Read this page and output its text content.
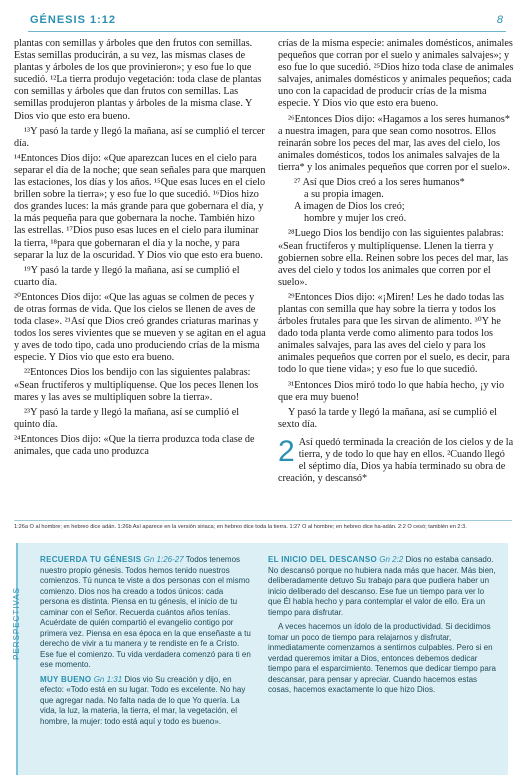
GÉNESIS 1:12	8

plantas con semillas y árboles que den frutos con semillas. Estas semillas producirán, a su vez, las mismas clases de plantas y árboles de los que provinieron»; y eso fue lo que sucedió. ¹²La tierra produjo vegetación: toda clase de plantas con semillas y árboles que dan frutos con semillas. Las semillas produjeron plantas y árboles de la misma clase. Y Dios vio que esto era bueno.

¹³Y pasó la tarde y llegó la mañana, así se cumplió el tercer día.

¹⁴Entonces Dios dijo: «Que aparezcan luces en el cielo para separar el día de la noche; que sean señales para que marquen las estaciones, los días y los años. ¹⁵Que esas luces en el cielo brillen sobre la tierra»; y eso fue lo que sucedió. ¹⁶Dios hizo dos grandes luces: la más grande para que gobernara el día, y la más pequeña para que gobernara la noche. También hizo las estrellas. ¹⁷Dios puso esas luces en el cielo para iluminar la tierra, ¹⁸para que gobernaran el día y la noche, y para separar la luz de la oscuridad. Y Dios vio que esto era bueno.

¹⁹Y pasó la tarde y llegó la mañana, así se cumplió el cuarto día.

²⁰Entonces Dios dijo: «Que las aguas se colmen de peces y de otras formas de vida. Que los cielos se llenen de aves de toda clase». ²¹Así que Dios creó grandes criaturas marinas y todos los seres vivientes que se mueven y se agitan en el agua y aves de todo tipo, cada uno produciendo crías de la misma especie. Y Dios vio que esto era bueno.

²²Entonces Dios los bendijo con las siguientes palabras: «Sean fructíferos y multiplíquense. Que los peces llenen los mares y las aves se multipliquen sobre la tierra».

²³Y pasó la tarde y llegó la mañana, así se cumplió el quinto día.

²⁴Entonces Dios dijo: «Que la tierra produzca toda clase de animales, que cada uno produzca

crías de la misma especie: animales domésticos, animales pequeños que corran por el suelo y animales salvajes»; y eso fue lo que sucedió. ²⁵Dios hizo toda clase de animales salvajes, animales domésticos y animales pequeños; cada uno con la capacidad de producir crías de la misma especie. Y Dios vio que esto era bueno.

²⁶Entonces Dios dijo: «Hagamos a los seres humanos* a nuestra imagen, para que sean como nosotros. Ellos reinarán sobre los peces del mar, las aves del cielo, los animales domésticos, todos los animales salvajes de la tierra* y los animales pequeños que corren por el suelo».

²⁷ Así que Dios creó a los seres humanos*
a su propia imagen.
A imagen de Dios los creó;
hombre y mujer los creó.

²⁸Luego Dios los bendijo con las siguientes palabras: «Sean fructíferos y multiplíquense. Llenen la tierra y gobiernen sobre ella. Reinen sobre los peces del mar, las aves del cielo y todos los animales que corren por el suelo».

²⁹Entonces Dios dijo: «¡Miren! Les he dado todas las plantas con semilla que hay sobre la tierra y todos los árboles frutales para que les sirvan de alimento. ³⁰Y he dado toda planta verde como alimento para todos los animales salvajes, para las aves del cielo y para los animales pequeños que corren por el suelo, es decir, para todo lo que tiene vida»; y eso fue lo que sucedió.

³¹Entonces Dios miró todo lo que había hecho, ¡y vio que era muy bueno!

Y pasó la tarde y llegó la mañana, así se cumplió el sexto día.

2 Así quedó terminada la creación de los cielos y de la tierra, y de todo lo que hay en ellos. ²Cuando llegó el séptimo día, Dios ya había terminado su obra de creación, y descansó*

1:26a O al hombre; en hebreo dice adán. 1:26b Así aparece en la versión siriaca; en hebreo dice toda la tierra. 1:27 O al hombre; en hebreo dice ha-adán. 2:2 O cesó; también en 2:3.
PERSPECTIVAS

RECUERDA TU GÉNESIS Gn 1:26-27 Todos tenemos nuestro propio génesis. Todos hemos tenido nuestros comienzos. Tú nunca te viste a dos personas con el mismo comienzo. Dios nos ha creado a todos únicos: cada persona es distinta. Piensa en tu génesis, el inicio de tu caminar con el Señor. Recuerda cuántos años tenías. Acuérdate de quién compartió el evangelio contigo por primera vez. Piensa en esa época en la que enseñaste a tu derecho de vivir a tu manera y te rendiste en fe a Cristo. Ese fue el comienzo. Tu vida verdadera comenzó para ti en ese momento.

MUY BUENO Gn 1:31 Dios vio Su creación y dijo, en efecto: «Todo está en su lugar. Todo es excelente. No hay que agregar nada. No falta nada de lo que Yo quería. La vida, la luz, la materia, la tierra, el mar, la vegetación, el hombre, la mujer: todo está aquí y todo es bueno».

EL INICIO DEL DESCANSO Gn 2:2 Dios no estaba cansado. No descansó porque no hubiera nada más que hacer. Más bien, deliberadamente detuvo Su trabajo para que pudiera haber un inicio deliberado del descanso. Ese fue un tiempo para ver lo que Él había hecho y para contemplar el valor de ello. Era un tiempo para disfrutar.

A veces hacemos un ídolo de la productividad. Si decidimos tomar un poco de tiempo para relajarnos y disfrutar, inmediatamente comenzamos a sentirnos culpables. Pero si en verdad queremos imitar a Dios, entonces debemos dedicar tiempo para el esparcimiento. Tenemos que dedicar tiempo para descansar, para pensar y apreciar. Cuando hacemos estas cosas, hacemos exactamente lo que hizo Dios.
